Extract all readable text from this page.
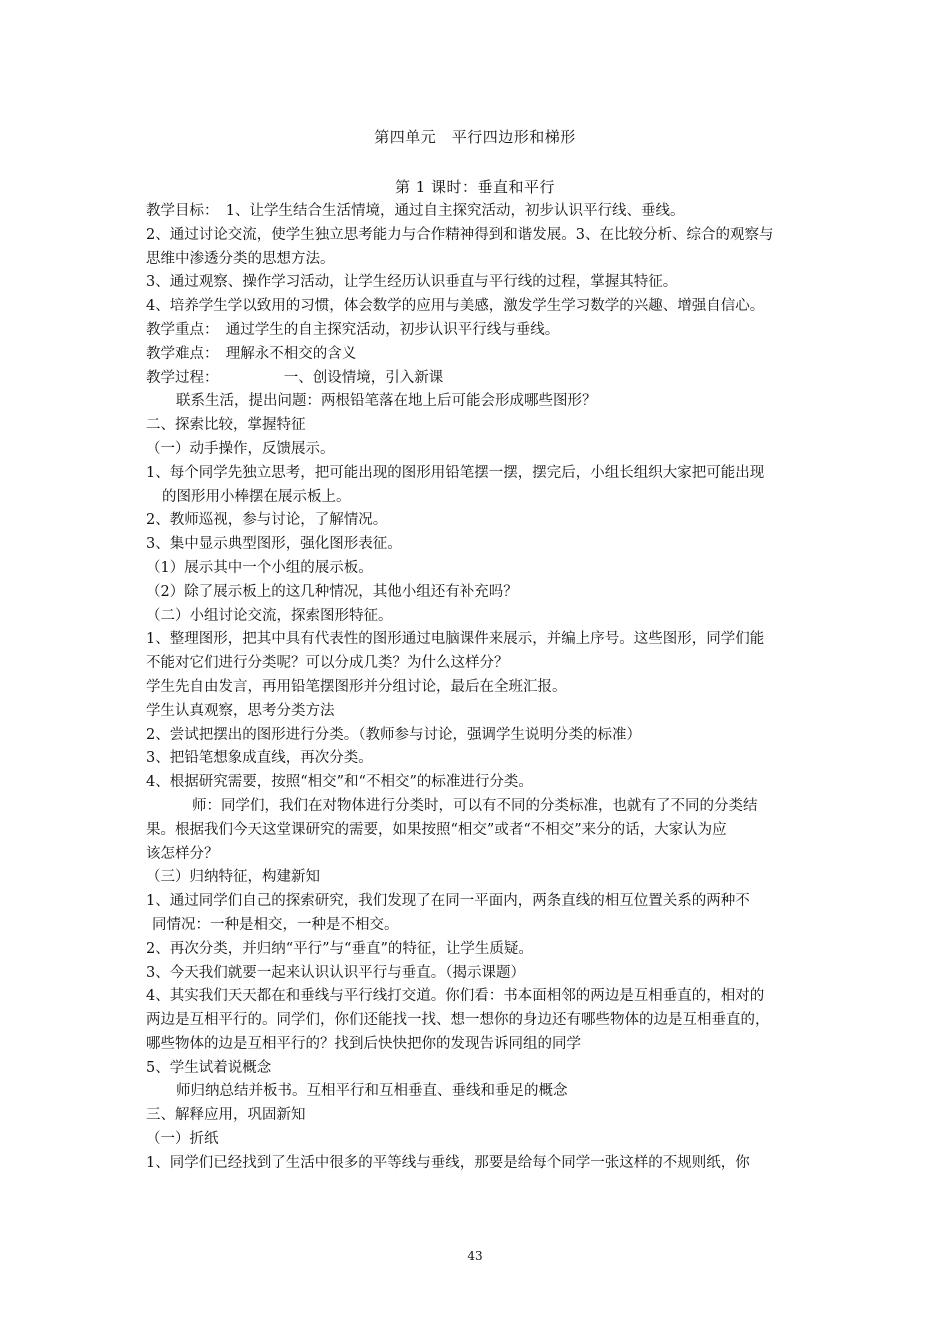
第四单元　平行四边形和梯形
第 1 课时：垂直和平行
教学目标：　1、让学生结合生活情境，通过自主探究活动，初步认识平行线、垂线。
2、通过讨论交流，使学生独立思考能力与合作精神得到和谐发展。3、在比较分析、综合的观察与
思维中渗透分类的思想方法。
3、通过观察、操作学习活动，让学生经历认识垂直与平行线的过程，掌握其特征。
4、培养学生学以致用的习惯，体会数学的应用与美感，激发学生学习数学的兴趣、增强自信心。
教学重点：　通过学生的自主探究活动，初步认识平行线与垂线。
教学难点：　理解永不相交的含义
教学过程：　　　　　一、创设情境，引入新课
联系生活，提出问题：两根铅笔落在地上后可能会形成哪些图形？
二、探索比较，掌握特征
（一）动手操作，反馈展示。
1、每个同学先独立思考，把可能出现的图形用铅笔摆一摆，摆完后，小组长组织大家把可能出现
的图形用小棒摆在展示板上。
2、教师巡视，参与讨论，了解情况。
3、集中显示典型图形，强化图形表征。
（1）展示其中一个小组的展示板。
（2）除了展示板上的这几种情况，其他小组还有补充吗？
（二）小组讨论交流，探索图形特征。
1、整理图形，把其中具有代表性的图形通过电脑课件来展示，并编上序号。这些图形，同学们能
不能对它们进行分类呢？可以分成几类？为什么这样分？
学生先自由发言，再用铅笔摆图形并分组讨论，最后在全班汇报。
学生认真观察，思考分类方法
2、尝试把摆出的图形进行分类。（教师参与讨论，强调学生说明分类的标准）
3、把铅笔想象成直线，再次分类。
4、根据研究需要，按照“相交”和“不相交”的标准进行分类。
师：同学们，我们在对物体进行分类时，可以有不同的分类标准，也就有了不同的分类结
果。根据我们今天这堂课研究的需要，如果按照“相交”或者“不相交”来分的话，大家认为应
该怎样分？
（三）归纳特征，构建新知
1、通过同学们自己的探索研究，我们发现了在同一平面内，两条直线的相互位置关系的两种不
同情况：一种是相交，一种是不相交。
2、再次分类，并归纳“平行”与“垂直”的特征，让学生质疑。
3、今天我们就要一起来认识认识平行与垂直。（揭示课题）
4、其实我们天天都在和垂线与平行线打交道。你们看：书本面相邻的两边是互相垂直的，相对的
两边是互相平行的。同学们，你们还能找一找、想一想你的身边还有哪些物体的边是互相垂直的，
哪些物体的边是互相平行的？找到后快快把你的发现告诉同组的同学
5、学生试着说概念
师归纳总结并板书。互相平行和互相垂直、垂线和垂足的概念
三、解释应用，巩固新知
（一）折纸
1、同学们已经找到了生活中很多的平等线与垂线，那要是给每个同学一张这样的不规则纸，你
43
